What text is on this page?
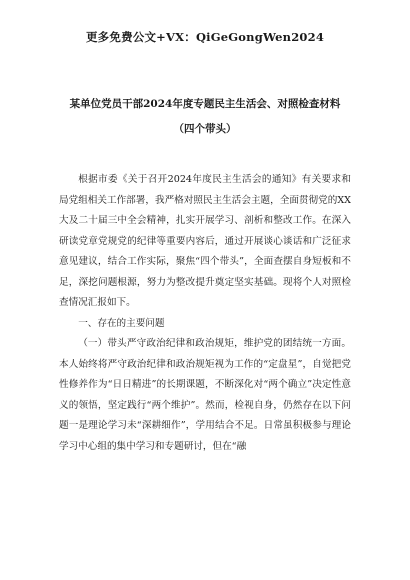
更多免费公文+VX：QiGeGongWen2024
某单位党员干部2024年度专题民主生活会、对照检查材料
（四个带头）

根据市委《关于召开2024年度民主生活会的通知》有关要求和局党组相关工作部署，我严格对照民主生活会主题，全面贯彻党的XX大及二十届三中全会精神，扎实开展学习、剖析和整改工作。在深入研读党章党规党的纪律等重要内容后，通过开展谈心谈话和广泛征求意见建议，结合工作实际，聚焦“四个带头”，全面查摆自身短板和不足，深挖问题根源，努力为整改提升奠定坚实基础。现将个人对照检查情况汇报如下。

一、存在的主要问题

（一）带头严守政治纪律和政治规矩，维护党的团结统一方面。本人始终将严守政治纪律和政治规矩视为工作的“定盘星”，自觉把党性修养作为“日日精进”的长期课题，不断深化对“两个确立”决定性意义的领悟，坚定践行“两个维护”。然而，检视自身，仍然存在以下问题一是理论学习未“深耕细作”，学用结合不足。日常虽积极参与理论学习中心组的集中学习和专题研讨，但在“融
